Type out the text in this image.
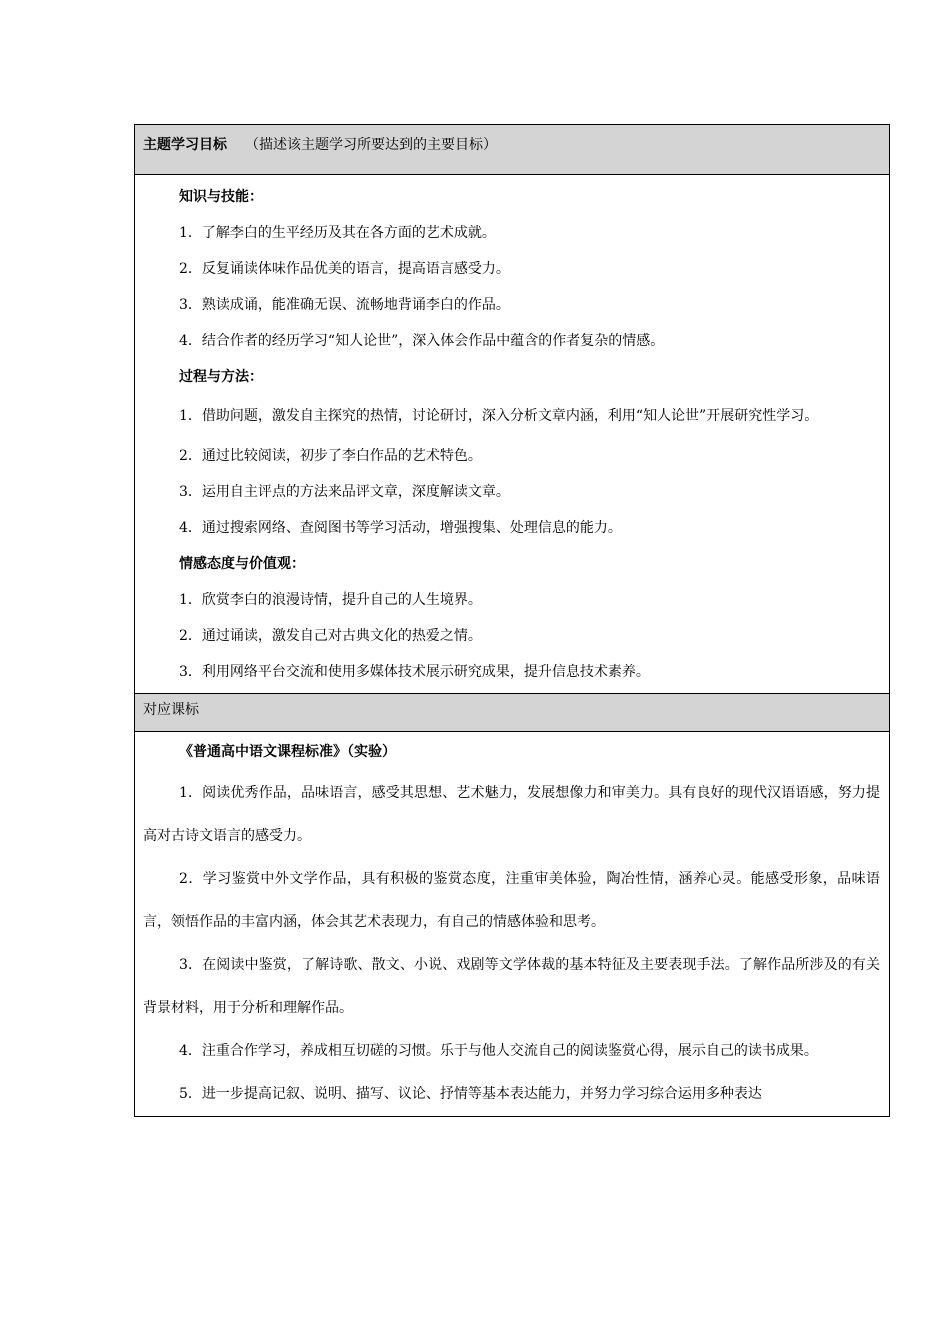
主题学习目标 （描述该主题学习所要达到的主要目标）

知识与技能：

1．了解李白的生平经历及其在各方面的艺术成就。

2．反复诵读体味作品优美的语言，提高语言感受力。

3．熟读成诵，能准确无误、流畅地背诵李白的作品。

4．结合作者的经历学习“知人论世”，深入体会作品中蕴含的作者复杂的情感。

过程与方法：

1．借助问题，激发自主探究的热情，讨论研讨，深入分析文章内涵，利用“知人论世”开展研究性学习。

2．通过比较阅读，初步了李白作品的艺术特色。

3．运用自主评点的方法来品评文章，深度解读文章。

4．通过搜索网络、查阅图书等学习活动，增强搜集、处理信息的能力。

情感态度与价值观：

1．欣赏李白的浪漫诗情，提升自己的人生境界。

2．通过诵读，激发自己对古典文化的热爱之情。

3．利用网络平台交流和使用多媒体技术展示研究成果，提升信息技术素养。

对应课标

《普通高中语文课程标准》（实验）

1．阅读优秀作品，品味语言，感受其思想、艺术魅力，发展想像力和审美力。具有良好的现代汉语语感，努力提高对古诗文语言的感受力。

2．学习鉴赏中外文学作品，具有积极的鉴赏态度，注重审美体验，陶冶性情，涵养心灵。能感受形象，品味语言，领悟作品的丰富内涵，体会其艺术表现力，有自己的情感体验和思考。

3．在阅读中鉴赏，了解诗歌、散文、小说、戏剧等文学体裁的基本特征及主要表现手法。了解作品所涉及的有关背景材料，用于分析和理解作品。

4．注重合作学习，养成相互切磋的习惯。乐于与他人交流自己的阅读鉴赏心得，展示自己的读书成果。

5．进一步提高记叙、说明、描写、议论、抒情等基本表达能力，并努力学习综合运用多种表达
